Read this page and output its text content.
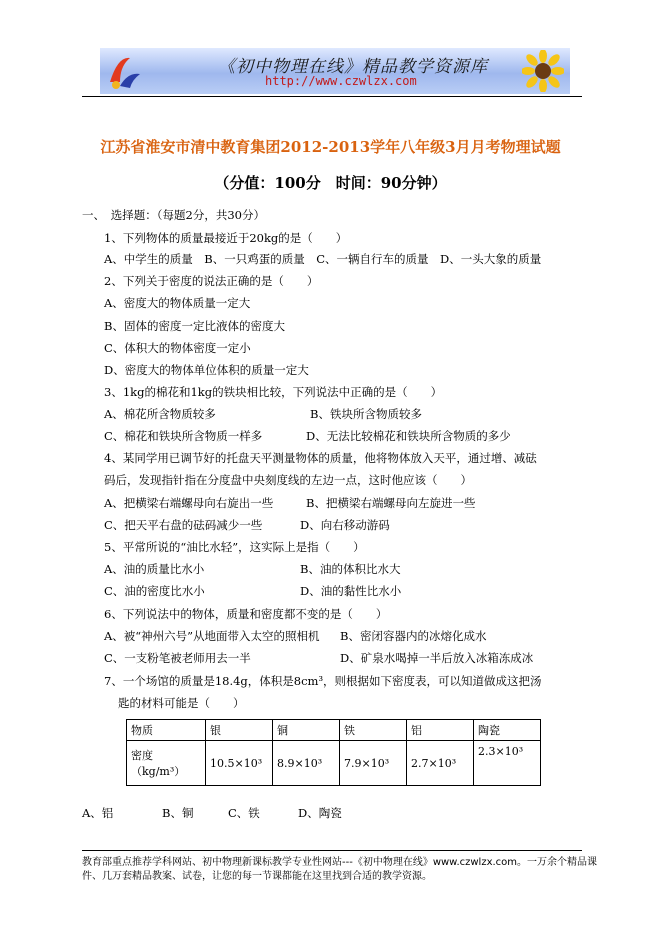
《初中物理在线》精品教学资源库
http://www.czwlzx.com
江苏省淮安市清中教育集团2012-2013学年八年级3月月考物理试题
（分值：100分　时间：90分钟）
一、　选择题：（每题2分，共30分）
1、下列物体的质量最接近于20kg的是（　　）
A、中学生的质量　B、一只鸡蛋的质量　C、一辆自行车的质量　D、一头大象的质量
2、下列关于密度的说法正确的是（　　）
A、密度大的物体质量一定大
B、固体的密度一定比液体的密度大
C、体积大的物体密度一定小
D、密度大的物体单位体积的质量一定大
3、1kg的棉花和1kg的铁块相比较，下列说法中正确的是（　　）
A、棉花所含物质较多	B、铁块所含物质较多
C、棉花和铁块所含物质一样多	D、无法比较棉花和铁块所含物质的多少
4、某同学用已调节好的托盘天平测量物体的质量，他将物体放入天平，通过增、减砝
码后，发现指针指在分度盘中央刻度线的左边一点，这时他应该（　　）
A、把横梁右端螺母向右旋出一些	B、把横梁右端螺母向左旋进一些
C、把天平右盘的砝码减少一些	D、向右移动游码
5、平常所说的“油比水轻”，这实际上是指（　　）
A、油的质量比水小	B、油的体积比水大
C、油的密度比水小	D、油的黏性比水小
6、下列说法中的物体，质量和密度都不变的是（　　）
A、被“神州六号”从地面带入太空的照相机 B、密闭容器内的冰熔化成水
C、一支粉笔被老师用去一半	D、矿泉水喝掉一半后放入冰箱冻成冰
7、一个场馆的质量是18.4g，体积是8cm³，则根据如下密度表，可以知道做成这把汤
匙的材料可能是（　　）
物质	银	铜	铁	铝	陶瓷
密度（kg/m³）	10.5×10³	8.9×10³	7.9×10³	2.7×10³	2.3×10³
A、铝	B、铜	C、铁	D、陶瓷
教育部重点推荐学科网站、初中物理新课标教学专业性网站---《初中物理在线》www.czwlzx.com。一万余个精品课
件、几万套精品教案、试卷，让您的每一节课都能在这里找到合适的教学资源。
